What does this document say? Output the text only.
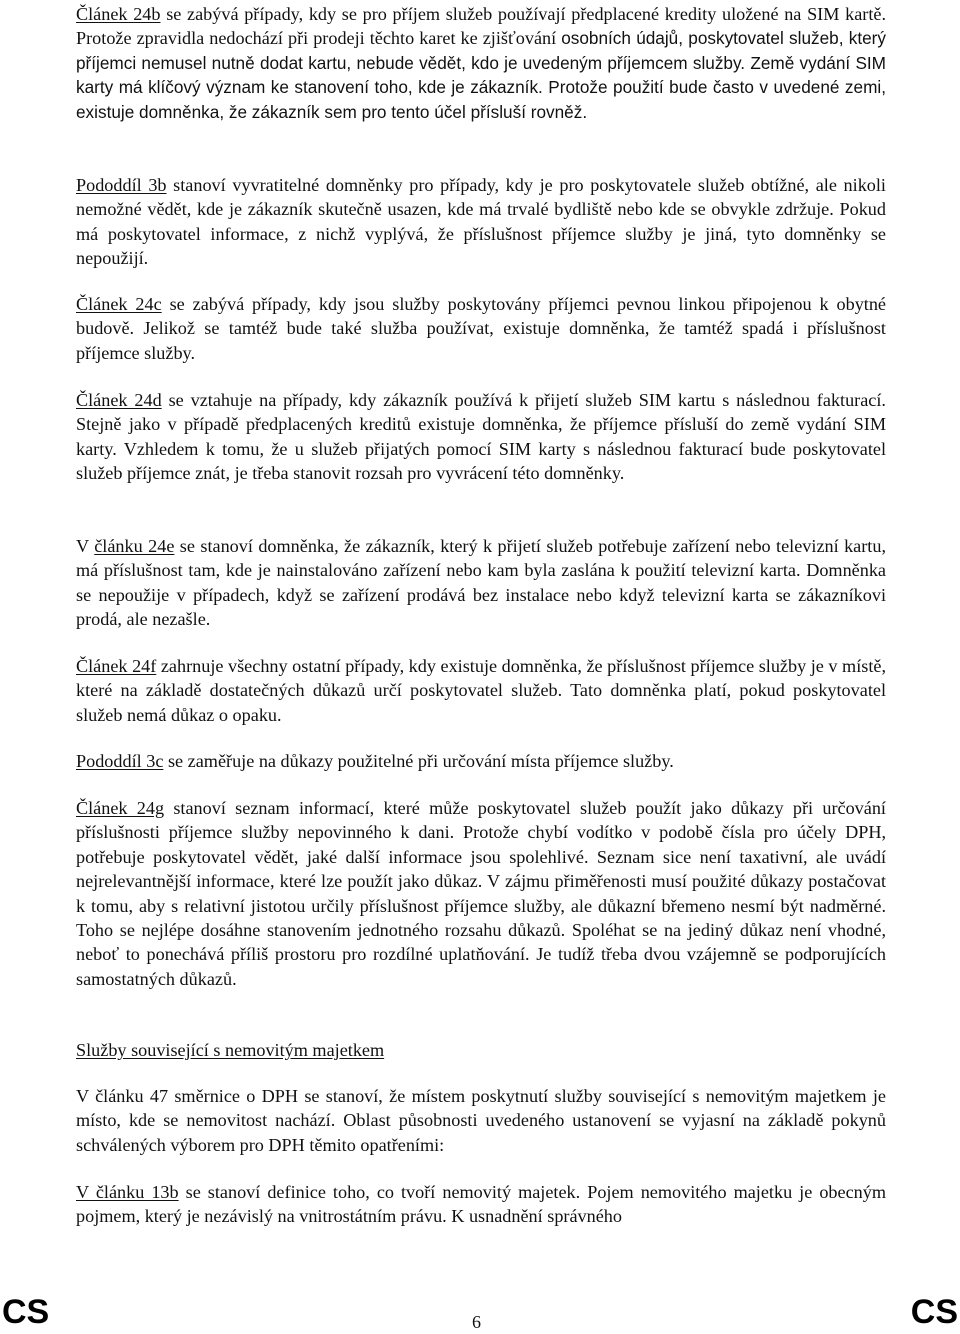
Článek 24b se zabývá případy, kdy se pro příjem služeb používají předplacené kredity uložené na SIM kartě. Protože zpravidla nedochází při prodeji těchto karet ke zjišťování osobních údajů, poskytovatel služeb, který příjemci nemusel nutně dodat kartu, nebude vědět, kdo je uvedeným příjemcem služby. Země vydání SIM karty má klíčový význam ke stanovení toho, kde je zákazník. Protože použití bude často v uvedené zemi, existuje domněnka, že zákazník sem pro tento účel přísluší rovněž.

Pododdíl 3b stanoví vyvratitelné domněnky pro případy, kdy je pro poskytovatele služeb obtížné, ale nikoli nemožné vědět, kde je zákazník skutečně usazen, kde má trvalé bydliště nebo kde se obvykle zdržuje. Pokud má poskytovatel informace, z nichž vyplývá, že příslušnost příjemce služby je jiná, tyto domněnky se nepoužijí.

Článek 24c se zabývá případy, kdy jsou služby poskytovány příjemci pevnou linkou připojenou k obytné budově. Jelikož se tamtéž bude také služba používat, existuje domněnka, že tamtéž spadá i příslušnost příjemce služby.

Článek 24d se vztahuje na případy, kdy zákazník používá k přijetí služeb SIM kartu s následnou fakturací. Stejně jako v případě předplacených kreditů existuje domněnka, že příjemce přísluší do země vydání SIM karty. Vzhledem k tomu, že u služeb přijatých pomocí SIM karty s následnou fakturací bude poskytovatel služeb příjemce znát, je třeba stanovit rozsah pro vyvrácení této domněnky.

V článku 24e se stanoví domněnka, že zákazník, který k přijetí služeb potřebuje zařízení nebo televizní kartu, má příslušnost tam, kde je nainstalováno zařízení nebo kam byla zaslána k použití televizní karta. Domněnka se nepoužije v případech, když se zařízení prodává bez instalace nebo když televizní karta se zákazníkovi prodá, ale nezašle.

Článek 24f zahrnuje všechny ostatní případy, kdy existuje domněnka, že příslušnost příjemce služby je v místě, které na základě dostatečných důkazů určí poskytovatel služeb. Tato domněnka platí, pokud poskytovatel služeb nemá důkaz o opaku.

Pododdíl 3c se zaměřuje na důkazy použitelné při určování místa příjemce služby.

Článek 24g stanoví seznam informací, které může poskytovatel služeb použít jako důkazy při určování příslušnosti příjemce služby nepovinného k dani. Protože chybí vodítko v podobě čísla pro účely DPH, potřebuje poskytovatel vědět, jaké další informace jsou spolehlivé. Seznam sice není taxativní, ale uvádí nejrelevantnější informace, které lze použít jako důkaz. V zájmu přiměřenosti musí použité důkazy postačovat k tomu, aby s relativní jistotou určily příslušnost příjemce služby, ale důkazní břemeno nesmí být nadměrné. Toho se nejlépe dosáhne stanovením jednotného rozsahu důkazů. Spoléhat se na jediný důkaz není vhodné, neboť to ponechává příliš prostoru pro rozdílné uplatňování. Je tudíž třeba dvou vzájemně se podporujících samostatných důkazů.

Služby související s nemovitým majetkem

V článku 47 směrnice o DPH se stanoví, že místem poskytnutí služby související s nemovitým majetkem je místo, kde se nemovitost nachází. Oblast působnosti uvedeného ustanovení se vyjasní na základě pokynů schválených výborem pro DPH těmito opatřeními:

V článku 13b se stanoví definice toho, co tvoří nemovitý majetek. Pojem nemovitého majetku je obecným pojmem, který je nezávislý na vnitrostátním právu. K usnadnění správného

CS	6	CS
